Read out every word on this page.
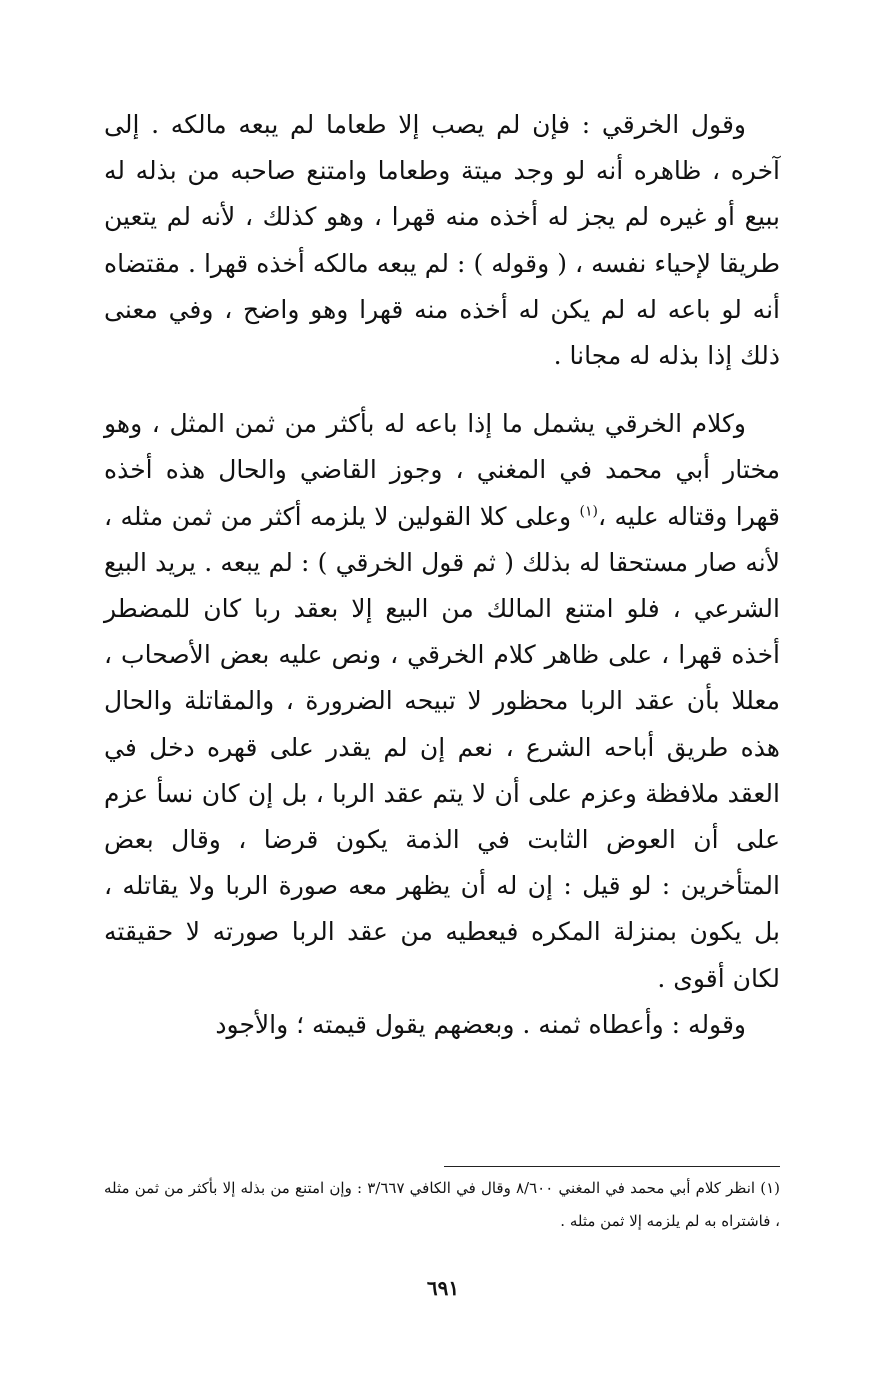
وقول الخرقي : فإن لم يصب إلا طعاما لم يبعه مالكه . إلى آخره ، ظاهره أنه لو وجد ميتة وطعاما وامتنع صاحبه من بذله له ببيع أو غيره لم يجز له أخذه منه قهرا ، وهو كذلك ، لأنه لم يتعين طريقا لإحياء نفسه ، ( وقوله ) : لم يبعه مالكه أخذه قهرا . مقتضاه أنه لو باعه له لم يكن له أخذه منه قهرا وهو واضح ، وفي معنى ذلك إذا بذله له مجانا .

وكلام الخرقي يشمل ما إذا باعه له بأكثر من ثمن المثل ، وهو مختار أبي محمد في المغني ، وجوز القاضي والحال هذه أخذه قهرا وقتاله عليه ،$^{(١)}$ وعلى كلا القولين لا يلزمه أكثر من ثمن مثله ، لأنه صار مستحقا له بذلك ( ثم قول الخرقي ) : لم يبعه . يريد البيع الشرعي ، فلو امتنع المالك من البيع إلا بعقد ربا كان للمضطر أخذه قهرا ، على ظاهر كلام الخرقي ، ونص عليه بعض الأصحاب ، معللا بأن عقد الربا محظور لا تبيحه الضرورة ، والمقاتلة والحال هذه طريق أباحه الشرع ، نعم إن لم يقدر على قهره دخل في العقد ملافظة وعزم على أن لا يتم عقد الربا ، بل إن كان نسأ عزم على أن العوض الثابت في الذمة يكون قرضا ، وقال بعض المتأخرين : لو قيل : إن له أن يظهر معه صورة الربا ولا يقاتله ، بل يكون بمنزلة المكره فيعطيه من عقد الربا صورته لا حقيقته لكان أقوى .

وقوله : وأعطاه ثمنه . وبعضهم يقول قيمته ؛ والأجود

(١) انظر كلام أبي محمد في المغني ٨/٦٠٠ وقال في الكافي ٣/٦٦٧ : وإن امتنع من بذله إلا بأكثر من ثمن مثله ، فاشتراه به لم يلزمه إلا ثمن مثله .

٦٩١
